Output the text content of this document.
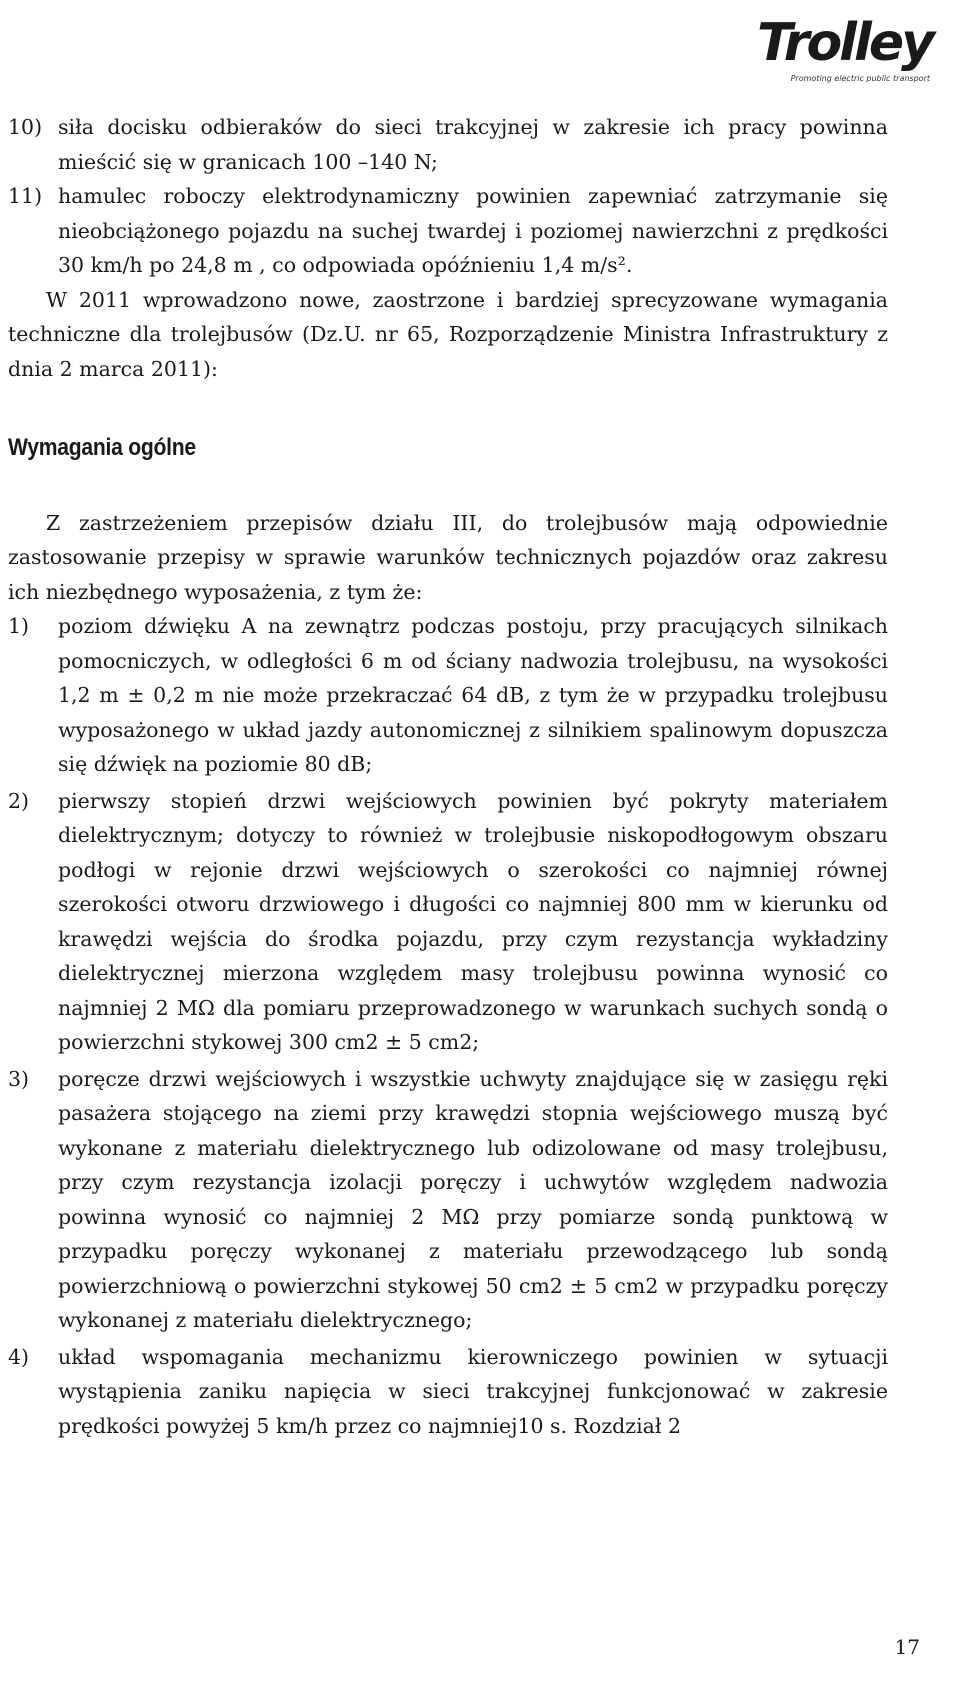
Trolley
Promoting electric public transport
10) siła docisku odbieraków do sieci trakcyjnej w zakresie ich pracy powinna mieścić się w granicach 100 –140 N;
11) hamulec roboczy elektrodynamiczny powinien zapewniać zatrzymanie się nieobciążonego pojazdu na suchej twardej i poziomej nawierzchni z prędkości 30 km/h po 24,8 m , co odpowiada opóźnieniu 1,4 m/s².

W 2011 wprowadzono nowe, zaostrzone i bardziej sprecyzowane wymagania techniczne dla trolejbusów (Dz.U. nr 65, Rozporządzenie Ministra Infrastruktury z dnia 2 marca 2011):

Wymagania ogólne

Z zastrzeżeniem przepisów działu III, do trolejbusów mają odpowiednie zastosowanie przepisy w sprawie warunków technicznych pojazdów oraz zakresu ich niezbędnego wyposażenia, z tym że:

1) poziom dźwięku A na zewnątrz podczas postoju, przy pracujących silnikach pomocniczych, w odległości 6 m od ściany nadwozia trolejbusu, na wysokości 1,2 m ± 0,2 m nie może przekraczać 64 dB, z tym że w przypadku trolejbusu wyposażonego w układ jazdy autonomicznej z silnikiem spalinowym dopuszcza się dźwięk na poziomie 80 dB;
2) pierwszy stopień drzwi wejściowych powinien być pokryty materiałem dielektrycznym; dotyczy to również w trolejbusie niskopodłogowym obszaru podłogi w rejonie drzwi wejściowych o szerokości co najmniej równej szerokości otworu drzwiowego i długości co najmniej 800 mm w kierunku od krawędzi wejścia do środka pojazdu, przy czym rezystancja wykładziny dielektrycznej mierzona względem masy trolejbusu powinna wynosić co najmniej 2 MΩ dla pomiaru przeprowadzonego w warunkach suchych sondą o powierzchni stykowej 300 cm2 ± 5 cm2;
3) poręcze drzwi wejściowych i wszystkie uchwyty znajdujące się w zasięgu ręki pasażera stojącego na ziemi przy krawędzi stopnia wejściowego muszą być wykonane z materiału dielektrycznego lub odizolowane od masy trolejbusu, przy czym rezystancja izolacji poręczy i uchwytów względem nadwozia powinna wynosić co najmniej 2 MΩ przy pomiarze sondą punktową w przypadku poręczy wykonanej z materiału przewodzącego lub sondą powierzchniową o powierzchni stykowej 50 cm2 ± 5 cm2 w przypadku poręczy wykonanej z materiału dielektrycznego;
4) układ wspomagania mechanizmu kierowniczego powinien w sytuacji wystąpienia zaniku napięcia w sieci trakcyjnej funkcjonować w zakresie prędkości powyżej 5 km/h przez co najmniej10 s. Rozdział 2
17
